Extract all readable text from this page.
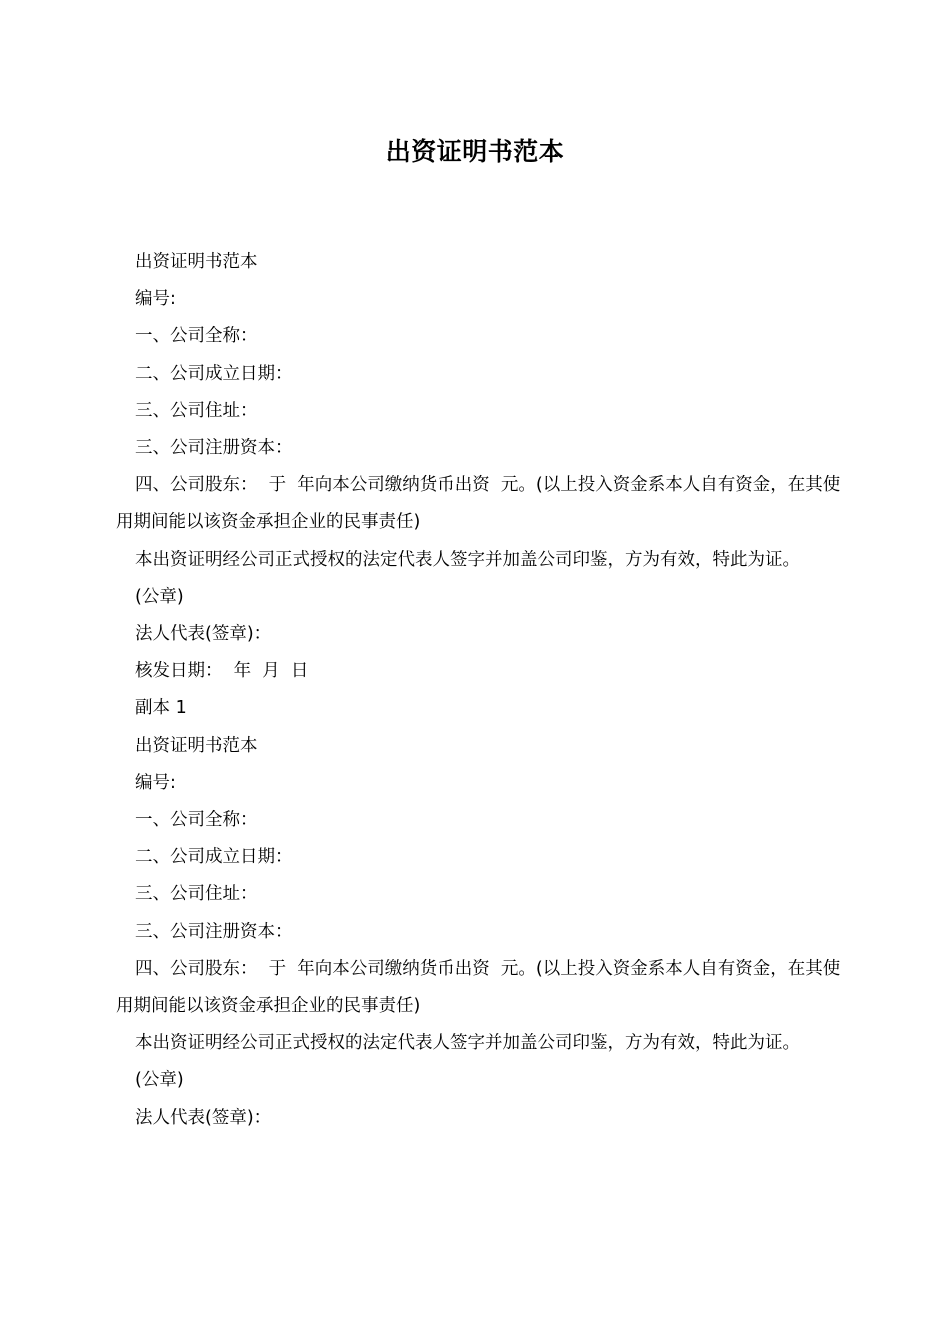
出资证明书范本

出资证明书范本

编号:

一、公司全称：

二、公司成立日期：

三、公司住址：

三、公司注册资本：

四、公司股东：  于  年向本公司缴纳货币出资  元。(以上投入资金系本人自有资金，在其使用期间能以该资金承担企业的民事责任)

本出资证明经公司正式授权的法定代表人签字并加盖公司印鉴，方为有效，特此为证。

(公章)

法人代表(签章)：

核发日期：  年  月  日

副本 1

出资证明书范本

编号:

一、公司全称：

二、公司成立日期：

三、公司住址：

三、公司注册资本：

四、公司股东：  于  年向本公司缴纳货币出资  元。(以上投入资金系本人自有资金，在其使用期间能以该资金承担企业的民事责任)

本出资证明经公司正式授权的法定代表人签字并加盖公司印鉴，方为有效，特此为证。

(公章)

法人代表(签章)：
